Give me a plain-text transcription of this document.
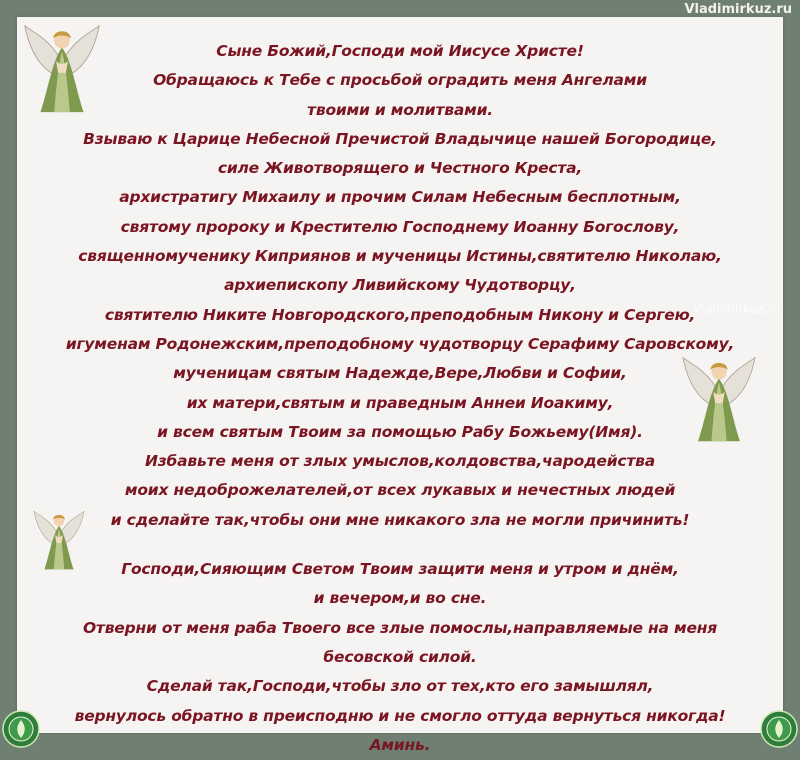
Vladimirkuz.ru
Сыне Божий,Господи мой Иисусе Христе!
Обращаюсь к Тебе с просьбой оградить меня Ангелами
твоими и молитвами.
Взываю к Царице Небесной Пречистой Владычице нашей Богородице,
силе Животворящего и Честного Креста,
архистратигу Михаилу и прочим Силам Небесным бесплотным,
святому пророку и Крестителю Господнему Иоанну Богослову,
священномученику Киприянов и мученицы Истины,святителю Николаю,
архиепископу Ливийскому Чудотворцу,
святителю Никите Новгородского,преподобным Никону и Сергею,
игуменам Родонежским,преподобному чудотворцу Серафиму Саровскому,
мученицам святым Надежде,Вере,Любви и Софии,
их матери,святым и праведным Аннеи Иоакиму,
и всем святым Твоим за помощью Рабу Божьему(Имя).
Избавьте меня от злых умыслов,колдовства,чародейства
моих недоброжелателей,от всех лукавых и нечестных людей
и сделайте так,чтобы они мне никакого зла не могли причинить!
Господи,Сияющим Светом Твоим защити меня и утром и днём,
и вечером,и во сне.
Отверни от меня раба Твоего все злые помослы,направляемые на меня
бесовской силой.
Сделай так,Господи,чтобы зло от тех,кто его замышлял,
вернулось обратно в преисподню и не смогло оттуда вернуться никогда!
Аминь.
Vladimirkuz.ru
